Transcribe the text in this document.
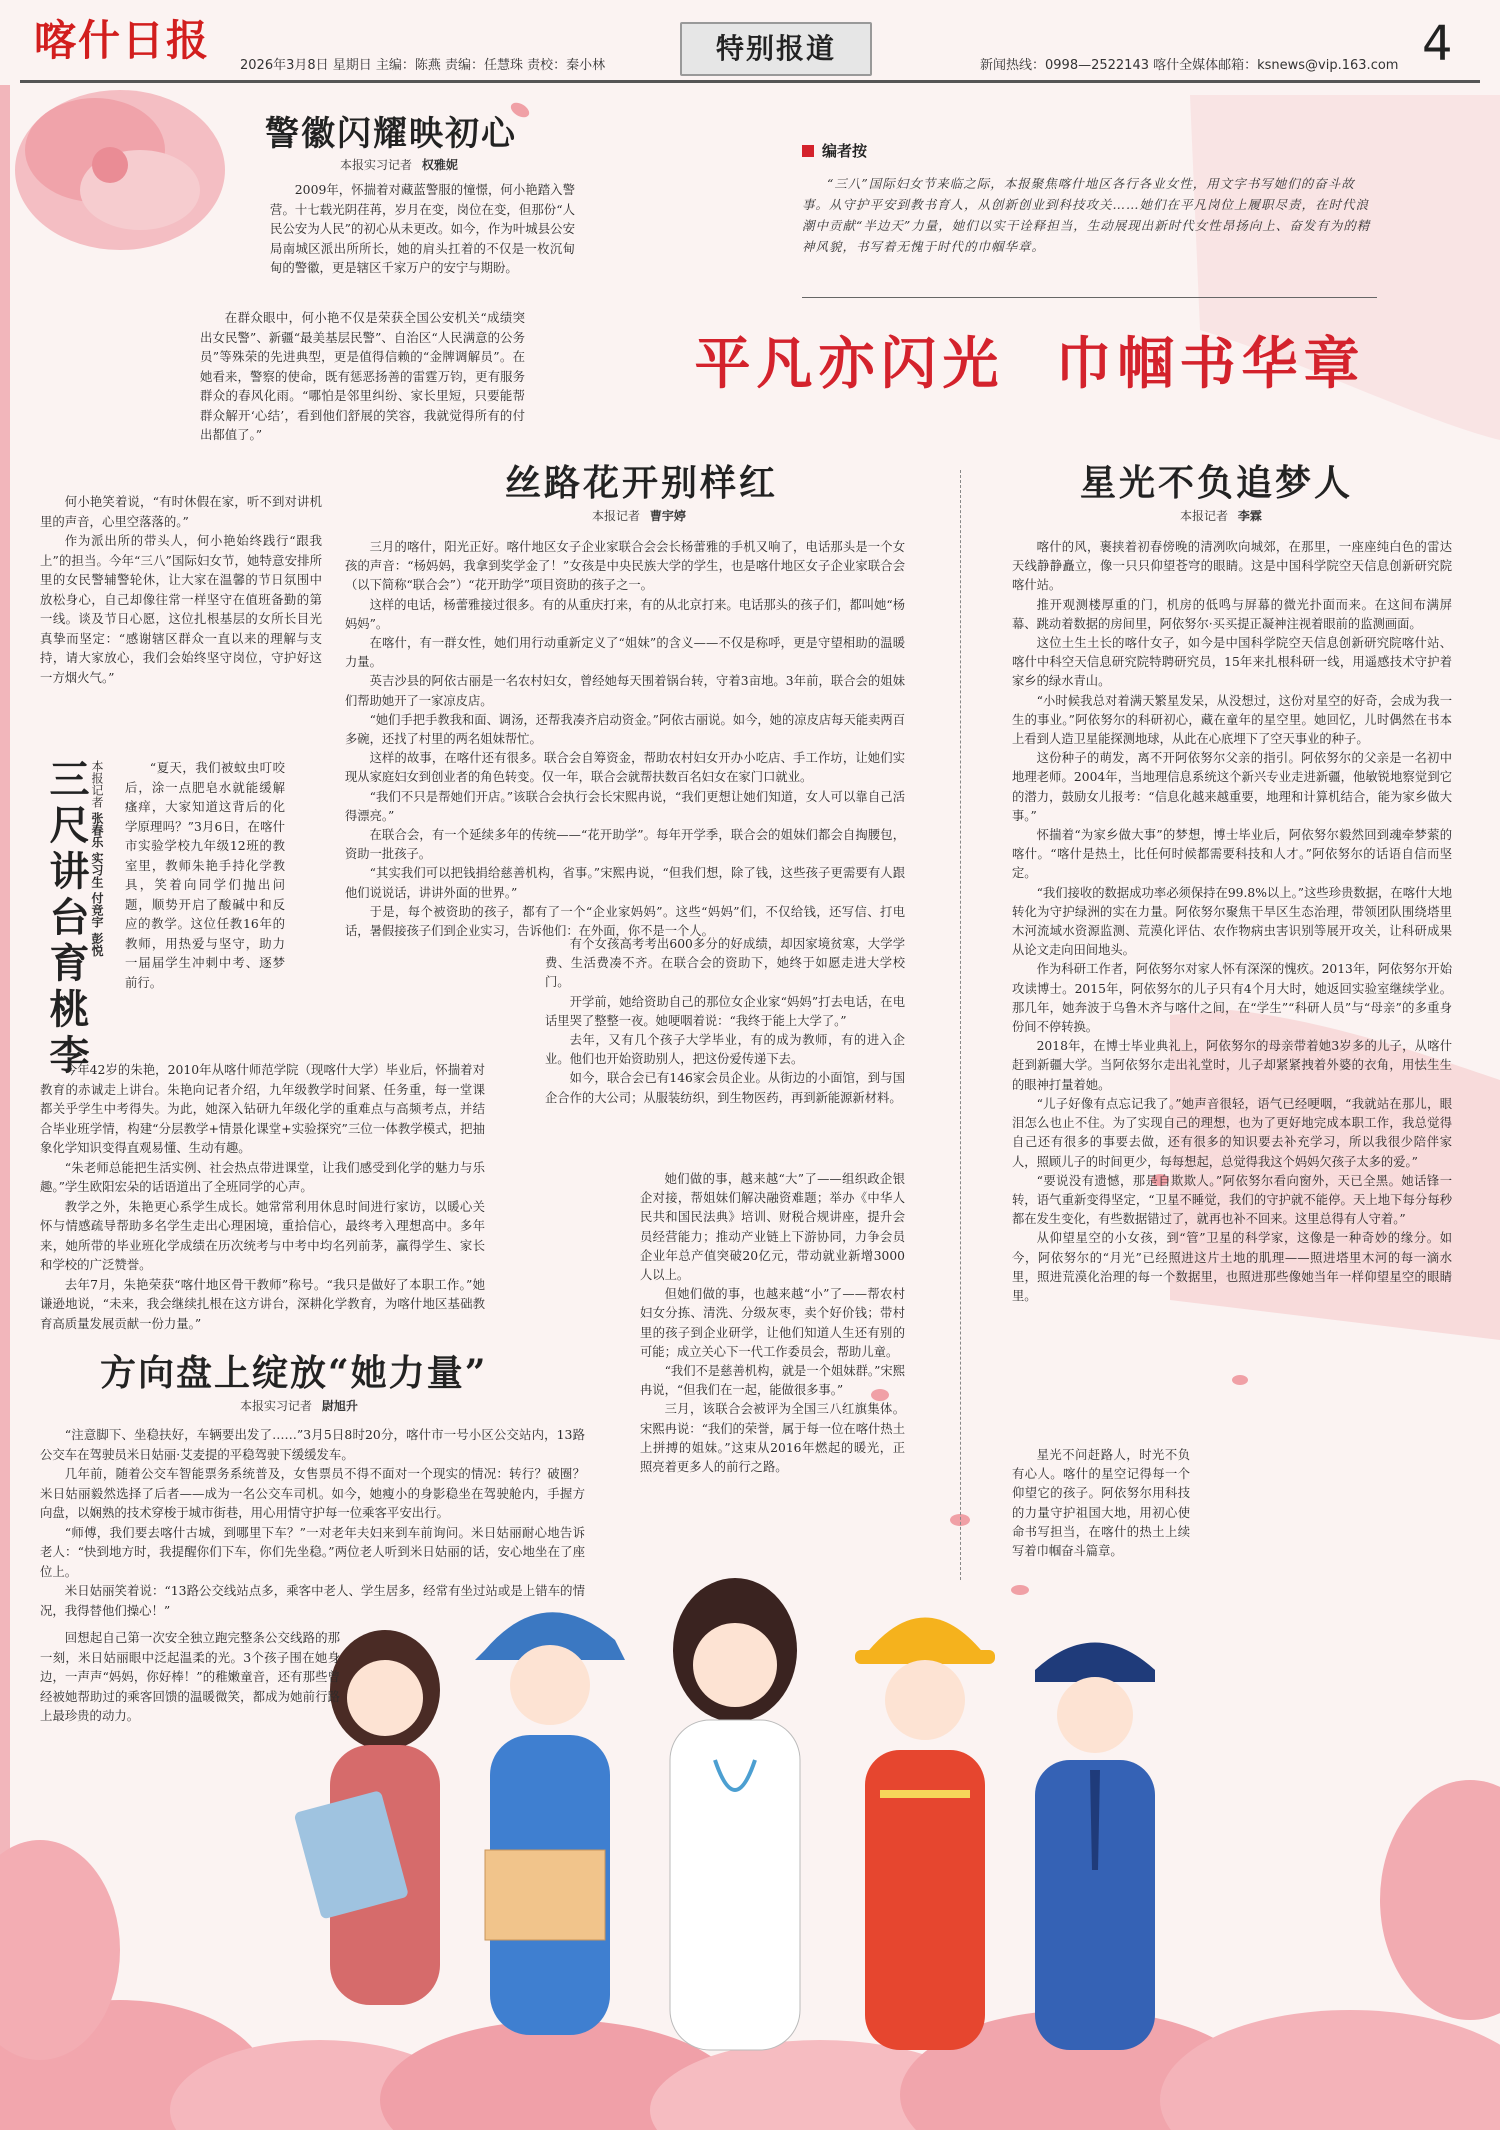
喀什日报
2026年3月8日 星期日 主编：陈燕 责编：任慧珠 责校：秦小林
特别报道
新闻热线：0998—2522143 喀什全媒体邮箱：ksnews@vip.163.com 4
编者按
“三八”国际妇女节来临之际，本报聚焦喀什地区各行各业女性，用文字书写她们的奋斗故事。从守护平安到教书育人，从创新创业到科技攻关……她们在平凡岗位上履职尽责，在时代浪潮中贡献“半边天”力量，她们以实干诠释担当，生动展现出新时代女性昂扬向上、奋发有为的精神风貌，书写着无愧于时代的巾帼华章。
平凡亦闪光  巾帼书华章
警徽闪耀映初心
本报实习记者 权雅妮

2009年，怀揣着对藏蓝警服的憧憬，何小艳踏入警营。十七载光阴荏苒，岁月在变，岗位在变，但那份“人民公安为人民”的初心从未更改。如今，作为叶城县公安局南城区派出所所长，她的肩头扛着的不仅是一枚沉甸甸的警徽，更是辖区千家万户的安宁与期盼。

在群众眼中，何小艳不仅是荣获全国公安机关“成绩突出女民警”、新疆“最美基层民警”、自治区“人民满意的公务员”等殊荣的先进典型，更是值得信赖的“金牌调解员”。在她看来，警察的使命，既有惩恶扬善的雷霆万钧，更有服务群众的春风化雨。“哪怕是邻里纠纷、家长里短，只要能帮群众解开‘心结’，看到他们舒展的笑容，我就觉得所有的付出都值了。”

何小艳笑着说，“有时休假在家，听不到对讲机里的声音，心里空落落的。”

作为派出所的带头人，何小艳始终践行“跟我上”的担当。今年“三八”国际妇女节，她特意安排所里的女民警辅警轮休，让大家在温馨的节日氛围中放松身心，自己却像往常一样坚守在值班备勤的第一线。谈及节日心愿，这位扎根基层的女所长目光真挚而坚定：“感谢辖区群众一直以来的理解与支持，请大家放心，我们会始终坚守岗位，守护好这一方烟火气。”

三尺讲台育桃李 本报记者 张春乐 实习生 付竞宇 彭悦

“夏天，我们被蚊虫叮咬后，涂一点肥皂水就能缓解瘙痒，大家知道这背后的化学原理吗？”3月6日，在喀什市实验学校九年级12班的教室里，教师朱艳手持化学教具，笑着向同学们抛出问题，顺势开启了酸碱中和反应的教学。这位任教16年的教师，用热爱与坚守，助力一届届学生冲刺中考、逐梦前行。

今年42岁的朱艳，2010年从喀什师范学院（现喀什大学）毕业后，怀揣着对教育的赤诚走上讲台。朱艳向记者介绍，九年级教学时间紧、任务重，每一堂课都关乎学生中考得失。为此，她深入钻研九年级化学的重难点与高频考点，并结合毕业班学情，构建“分层教学+情景化课堂+实验探究”三位一体教学模式，把抽象化学知识变得直观易懂、生动有趣。

“朱老师总能把生活实例、社会热点带进课堂，让我们感受到化学的魅力与乐趣。”学生欧阳宏朵的话语道出了全班同学的心声。

教学之外，朱艳更心系学生成长。她常常利用休息时间进行家访，以暖心关怀与情感疏导帮助多名学生走出心理困境，重拾信心，最终考入理想高中。多年来，她所带的毕业班化学成绩在历次统考与中考中均名列前茅，赢得学生、家长和学校的广泛赞誉。

去年7月，朱艳荣获“喀什地区骨干教师”称号。“我只是做好了本职工作。”她谦逊地说，“未来，我会继续扎根在这方讲台，深耕化学教育，为喀什地区基础教育高质量发展贡献一份力量。”

方向盘上绽放“她力量”
本报实习记者 尉旭升

“注意脚下、坐稳扶好，车辆要出发了……”3月5日8时20分，喀什市一号小区公交站内，13路公交车在驾驶员米日姑丽·艾麦提的平稳驾驶下缓缓发车。

几年前，随着公交车智能票务系统普及，女售票员不得不面对一个现实的情况：转行？破圈？米日姑丽毅然选择了后者——成为一名公交车司机。如今，她瘦小的身影稳坐在驾驶舱内，手握方向盘，以娴熟的技术穿梭于城市街巷，用心用情守护每一位乘客平安出行。

“师傅，我们要去喀什古城，到哪里下车？”一对老年夫妇来到车前询问。米日姑丽耐心地告诉老人：“快到地方时，我提醒你们下车，你们先坐稳。”两位老人听到米日姑丽的话，安心地坐在了座位上。

米日姑丽笑着说：“13路公交线站点多，乘客中老人、学生居多，经常有坐过站或是上错车的情况，我得替他们操心！”

回想起自己第一次安全独立跑完整条公交线路的那一刻，米日姑丽眼中泛起温柔的光。3个孩子围在她身边，一声声“妈妈，你好棒！”的稚嫩童音，还有那些曾经被她帮助过的乘客回馈的温暖微笑，都成为她前行路上最珍贵的动力。

丝路花开别样红
本报记者 曹宇婷

三月的喀什，阳光正好。喀什地区女子企业家联合会会长杨蕾雅的手机又响了，电话那头是一个女孩的声音：“杨妈妈，我拿到奖学金了！”女孩是中央民族大学的学生，也是喀什地区女子企业家联合会（以下简称“联合会”）“花开助学”项目资助的孩子之一。

这样的电话，杨蕾雅接过很多。有的从重庆打来，有的从北京打来。电话那头的孩子们，都叫她“杨妈妈”。

在喀什，有一群女性，她们用行动重新定义了“姐妹”的含义——不仅是称呼，更是守望相助的温暖力量。

英吉沙县的阿依古丽是一名农村妇女，曾经她每天围着锅台转，守着3亩地。3年前，联合会的姐妹们帮助她开了一家凉皮店。

“她们手把手教我和面、调汤，还帮我凑齐启动资金。”阿依古丽说。如今，她的凉皮店每天能卖两百多碗，还找了村里的两名姐妹帮忙。

这样的故事，在喀什还有很多。联合会自筹资金，帮助农村妇女开办小吃店、手工作坊，让她们实现从家庭妇女到创业者的角色转变。仅一年，联合会就帮扶数百名妇女在家门口就业。

“我们不只是帮她们开店。”该联合会执行会长宋熙冉说，“我们更想让她们知道，女人可以靠自己活得漂亮。”

在联合会，有一个延续多年的传统——“花开助学”。每年开学季，联合会的姐妹们都会自掏腰包，资助一批孩子。

“其实我们可以把钱捐给慈善机构，省事。”宋熙冉说，“但我们想，除了钱，这些孩子更需要有人跟他们说说话，讲讲外面的世界。”

于是，每个被资助的孩子，都有了一个“企业家妈妈”。这些“妈妈”们，不仅给钱，还写信、打电话，暑假接孩子们到企业实习，告诉他们：在外面，你不是一个人。

有个女孩高考考出600多分的好成绩，却因家境贫寒，大学学费、生活费凑不齐。在联合会的资助下，她终于如愿走进大学校门。

开学前，她给资助自己的那位女企业家“妈妈”打去电话，在电话里哭了整整一夜。她哽咽着说：“我终于能上大学了。”

去年，又有几个孩子大学毕业，有的成为教师，有的进入企业。他们也开始资助别人，把这份爱传递下去。

如今，联合会已有146家会员企业。从街边的小面馆，到与国企合作的大公司；从服装纺织，到生物医药，再到新能源新材料。

她们做的事，越来越“大”了——组织政企银企对接，帮姐妹们解决融资难题；举办《中华人民共和国民法典》培训、财税合规讲座，提升会员经营能力；推动产业链上下游协同，力争会员企业年总产值突破20亿元，带动就业新增3000人以上。

但她们做的事，也越来越“小”了——帮农村妇女分拣、清洗、分级灰枣，卖个好价钱；带村里的孩子到企业研学，让他们知道人生还有别的可能；成立关心下一代工作委员会，帮助儿童。

“我们不是慈善机构，就是一个姐妹群。”宋熙冉说，“但我们在一起，能做很多事。”

三月，该联合会被评为全国三八红旗集体。宋熙冉说：“我们的荣誉，属于每一位在喀什热土上拼搏的姐妹。”这束从2016年燃起的暖光，正照亮着更多人的前行之路。

星光不负追梦人
本报记者 李霖

喀什的风，裹挟着初春傍晚的清冽吹向城郊，在那里，一座座纯白色的雷达天线静静矗立，像一只只仰望苍穹的眼睛。这是中国科学院空天信息创新研究院喀什站。

推开观测楼厚重的门，机房的低鸣与屏幕的微光扑面而来。在这间布满屏幕、跳动着数据的房间里，阿依努尔·买买提正凝神注视着眼前的监测画面。

这位土生土长的喀什女子，如今是中国科学院空天信息创新研究院喀什站、喀什中科空天信息研究院特聘研究员，15年来扎根科研一线，用遥感技术守护着家乡的绿水青山。

“小时候我总对着满天繁星发呆，从没想过，这份对星空的好奇，会成为我一生的事业。”阿依努尔的科研初心，藏在童年的星空里。她回忆，儿时偶然在书本上看到人造卫星能探测地球，从此在心底埋下了空天事业的种子。

这份种子的萌发，离不开阿依努尔父亲的指引。阿依努尔的父亲是一名初中地理老师。2004年，当地理信息系统这个新兴专业走进新疆，他敏锐地察觉到它的潜力，鼓励女儿报考：“信息化越来越重要，地理和计算机结合，能为家乡做大事。”

怀揣着“为家乡做大事”的梦想，博士毕业后，阿依努尔毅然回到魂牵梦萦的喀什。“喀什是热土，比任何时候都需要科技和人才。”阿依努尔的话语自信而坚定。

“我们接收的数据成功率必须保持在99.8%以上。”这些珍贵数据，在喀什大地转化为守护绿洲的实在力量。阿依努尔聚焦干旱区生态治理，带领团队围绕塔里木河流域水资源监测、荒漠化评估、农作物病虫害识别等展开攻关，让科研成果从论文走向田间地头。

作为科研工作者，阿依努尔对家人怀有深深的愧疚。2013年，阿依努尔开始攻读博士。2015年，阿依努尔的儿子只有4个月大时，她返回实验室继续学业。那几年，她奔波于乌鲁木齐与喀什之间，在“学生”“科研人员”与“母亲”的多重身份间不停转换。

2018年，在博士毕业典礼上，阿依努尔的母亲带着她3岁多的儿子，从喀什赶到新疆大学。当阿依努尔走出礼堂时，儿子却紧紧拽着外婆的衣角，用怯生生的眼神打量着她。

“儿子好像有点忘记我了。”她声音很轻，语气已经哽咽，“我就站在那儿，眼泪怎么也止不住。为了实现自己的理想，也为了更好地完成本职工作，我总觉得自己还有很多的事要去做，还有很多的知识要去补充学习，所以我很少陪伴家人，照顾儿子的时间更少，每每想起，总觉得我这个妈妈欠孩子太多的爱。”

“要说没有遗憾，那是自欺欺人。”阿依努尔看向窗外，天已全黑。她话锋一转，语气重新变得坚定，“卫星不睡觉，我们的守护就不能停。天上地下每分每秒都在发生变化，有些数据错过了，就再也补不回来。这里总得有人守着。”

从仰望星空的小女孩，到“管”卫星的科学家，这像是一种奇妙的缘分。如今，阿依努尔的“月光”已经照进这片土地的肌理——照进塔里木河的每一滴水里，照进荒漠化治理的每一个数据里，也照进那些像她当年一样仰望星空的眼睛里。

星光不问赶路人，时光不负有心人。喀什的星空记得每一个仰望它的孩子。阿依努尔用科技的力量守护祖国大地，用初心使命书写担当，在喀什的热土上续写着巾帼奋斗篇章。
